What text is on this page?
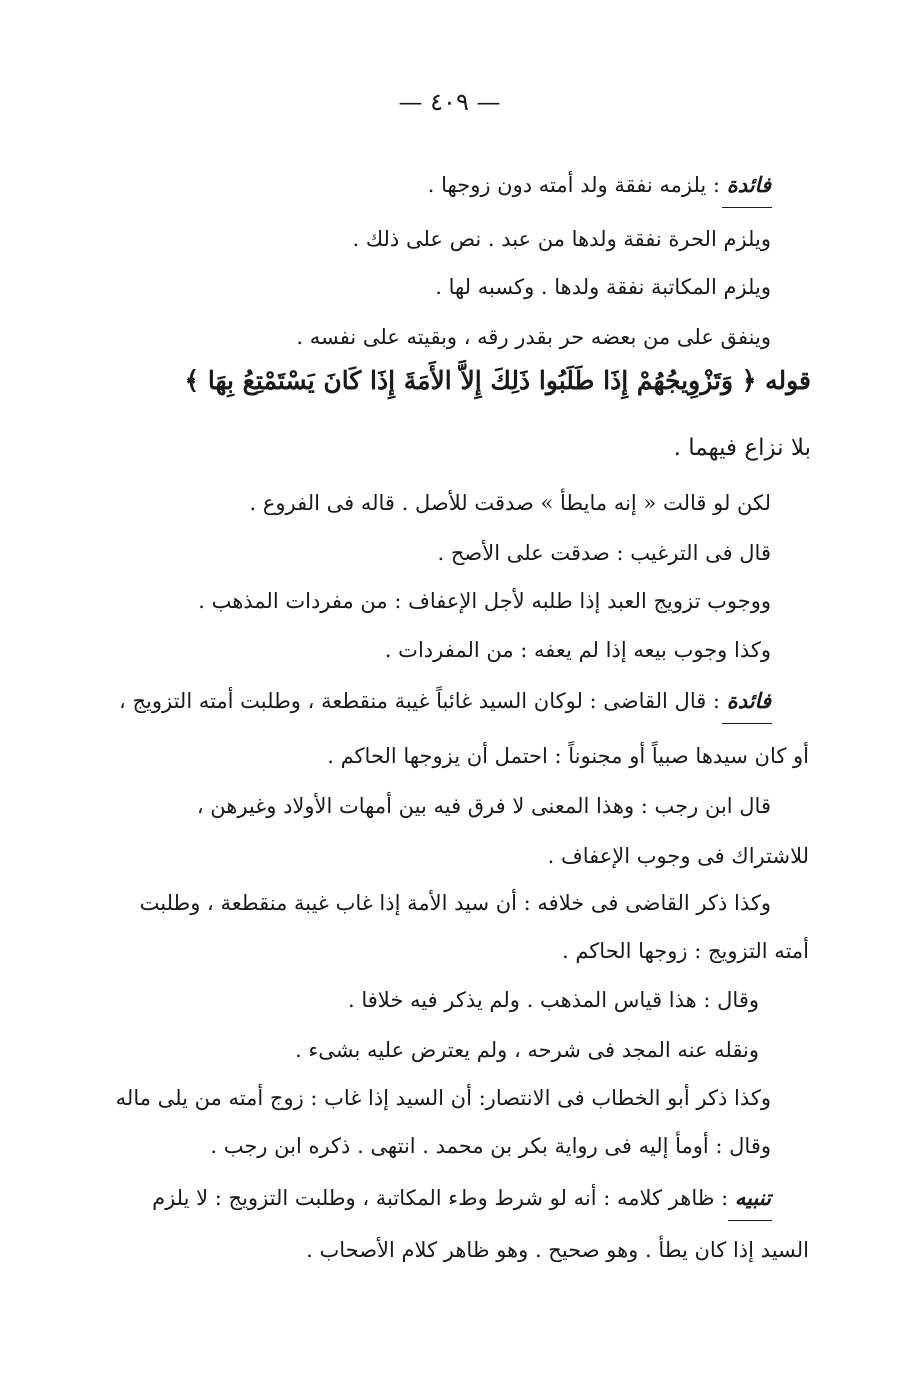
— ٤٠٩ —
فائدة : يلزمه نفقة ولد أمته دون زوجها .
ويلزم الحرة نفقة ولدها من عبد . نص على ذلك .
ويلزم المكاتبة نفقة ولدها . وكسبه لها .
وينفق على من بعضه حر بقدر رقه ، وبقيته على نفسه .
قوله ﴿ وَتَزْوِيجُهُمْ إِذَا طَلَبُوا ذَلِكَ إِلاَّ الأَمَةَ إِذَا كَانَ يَسْتَمْتِعُ بِهَا ﴾
بلا نزاع فيهما .
لكن لو قالت « إنه مايطأ » صدقت للأصل . قاله فى الفروع .
قال فى الترغيب : صدقت على الأصح .
ووجوب تزويج العبد إذا طلبه لأجل الإعفاف : من مفردات المذهب .
وكذا وجوب بيعه إذا لم يعفه : من المفردات .
فائدة : قال القاضى : لوكان السيد غائباً غيبة منقطعة ، وطلبت أمته التزويج ،
أو كان سيدها صبياً أو مجنوناً : احتمل أن يزوجها الحاكم .
قال ابن رجب : وهذا المعنى لا فرق فيه بين أمهات الأولاد وغيرهن ،
للاشتراك فى وجوب الإعفاف .
وكذا ذكر القاضى فى خلافه : أن سيد الأمة إذا غاب غيبة منقطعة ، وطلبت
أمته التزويج : زوجها الحاكم .
وقال : هذا قياس المذهب . ولم يذكر فيه خلافا .
ونقله عنه المجد فى شرحه ، ولم يعترض عليه بشىء .
وكذا ذكر أبو الخطاب فى الانتصار: أن السيد إذا غاب : زوج أمته من يلى ماله
وقال : أومأ إليه فى رواية بكر بن محمد . انتهى . ذكره ابن رجب .
تنبيه : ظاهر كلامه : أنه لو شرط وطء المكاتبة ، وطلبت التزويج : لا يلزم
السيد إذا كان يطأ . وهو صحيح . وهو ظاهر كلام الأصحاب .
